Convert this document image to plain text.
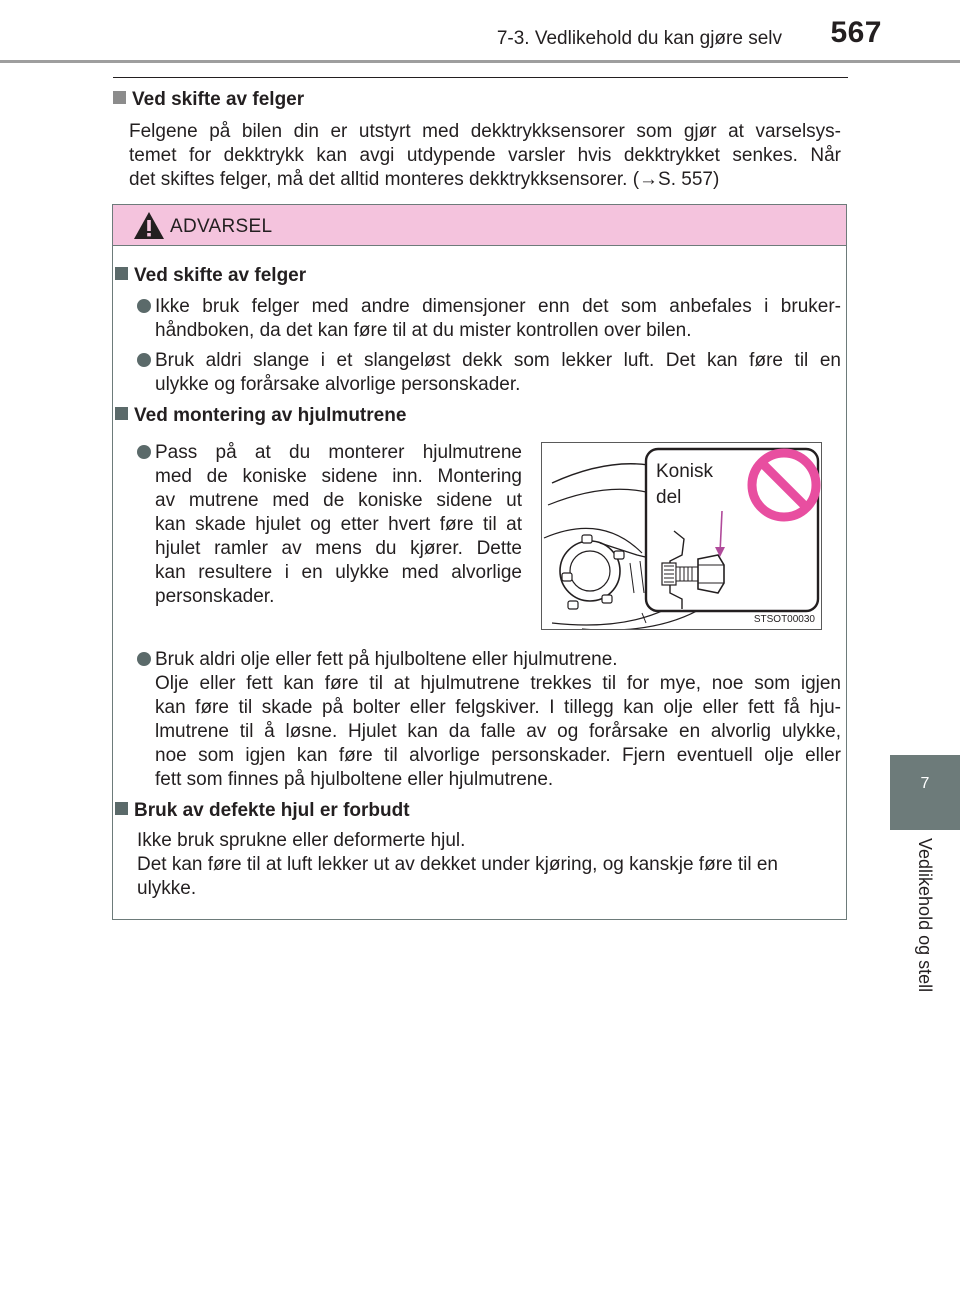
7-3. Vedlikehold du kan gjøre selv 567
7
Vedlikehold og stell
Ved skifte av felger
Felgene på bilen din er utstyrt med dekktrykksensorer som gjør at varselsys-
temet for dekktrykk kan avgi utdypende varsler hvis dekktrykket senkes. Når
det skiftes felger, må det alltid monteres dekktrykksensorer. (→S. 557)
ADVARSEL
Ved skifte av felger
Ikke bruk felger med andre dimensjoner enn det som anbefales i bruker-
håndboken, da det kan føre til at du mister kontrollen over bilen.
Bruk aldri slange i et slangeløst dekk som lekker luft. Det kan føre til en
ulykke og forårsake alvorlige personskader.
Ved montering av hjulmutrene
Pass på at du monterer hjulmutrene
med de koniske sidene inn. Montering
av mutrene med de koniske sidene ut
kan skade hjulet og etter hvert føre til at
hjulet ramler av mens du kjører. Dette
kan resultere i en ulykke med alvorlige
personskader.
Bruk aldri olje eller fett på hjulboltene eller hjulmutrene.
Olje eller fett kan føre til at hjulmutrene trekkes til for mye, noe som igjen
kan føre til skade på bolter eller felgskiver. I tillegg kan olje eller fett få hju-
lmutrene til å løsne. Hjulet kan da falle av og forårsake en alvorlig ulykke,
noe som igjen kan føre til alvorlige personskader. Fjern eventuell olje eller
fett som finnes på hjulboltene eller hjulmutrene.
Bruk av defekte hjul er forbudt
Ikke bruk sprukne eller deformerte hjul.
Det kan føre til at luft lekker ut av dekket under kjøring, og kanskje føre til en
ulykke.
Konisk
del
STSOT00030
